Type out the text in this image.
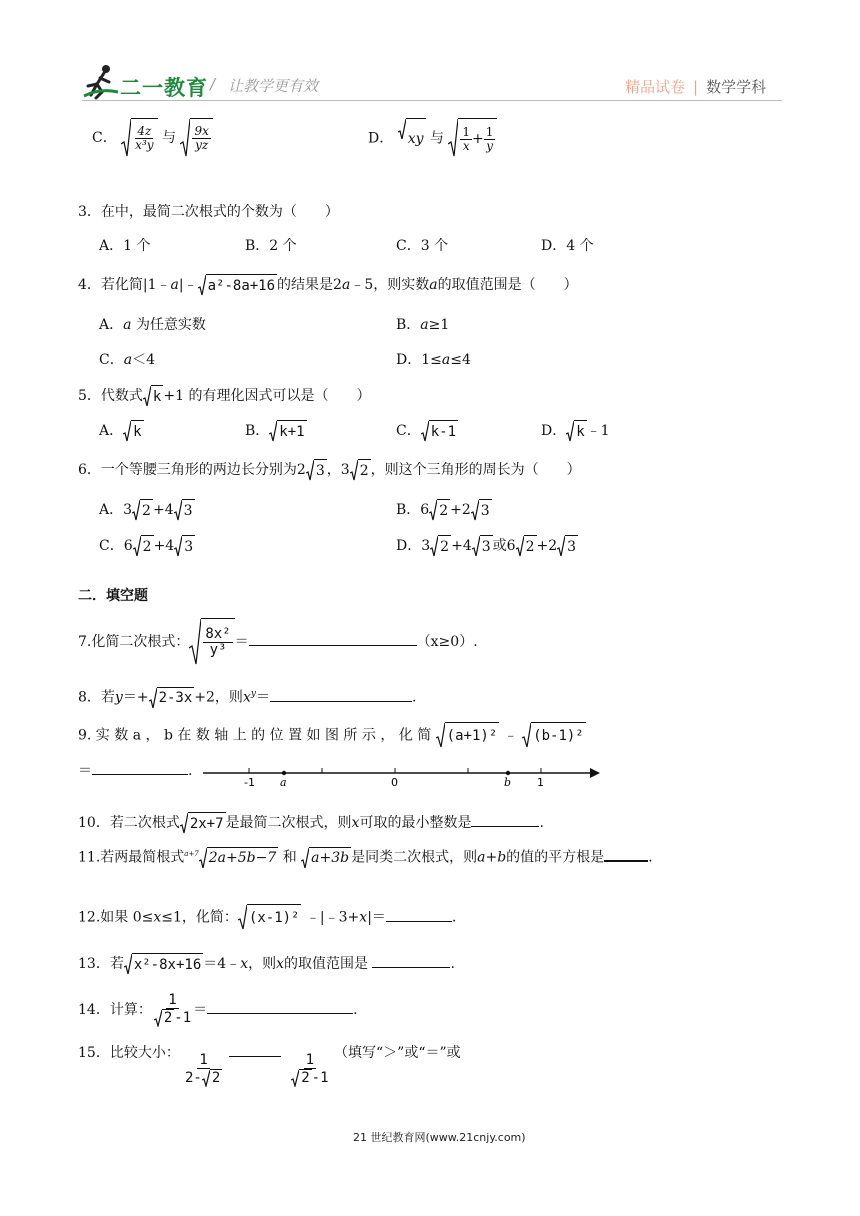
二一教育 / 让教学更有效	精品试卷 | 数学学科
C． $\frac{4z}{\text{x³y}}$ 与 $\frac{9x}{yz}$	D． xy 与 $\frac{1}{x} + \frac{1}{y}$
3．在中，最简二次根式的个数为（　　）
A．1 个	B．2 个	C．3 个	D．4 个
4．若化简|1﹣a|﹣ a²-8a+16 的结果是2a﹣5，则实数a的取值范围是（　　）
A．a 为任意实数	B．a≥1
C．a＜4	D．1≤a≤4
5．代数式 k +1 的有理化因式可以是（　　）
A． k	B． k+1	C． k-1	D． k ﹣1
6．一个等腰三角形的两边长分别为2 3 ，3 2 ，则这个三角形的周长为（　　）
A．3 2 +4 3	B．6 2 +2 3
C．6 2 +4 3	D．3 2 +4 3 或6 2 +2 3
二．填空题
7.化简二次根式： $\frac{\text{8x²}}{\text{y³}}$ ＝	（x≥0）.
8．若y＝+ 2-3x +2，则$x^y=$	.
9. 实 数 a ， b 在 数 轴 上 的 位 置 如 图 所 示 ， 化 简 (a+1)² ﹣ (b-1)²
＝	.
-1 a	0	b 1
10．若二次根式 2x+7 是最简二次根式，则x可取的最小整数是	.
11.若两最简根式$^{a+7}$ 2a+5b−7 和 a+3b 是同类二次根式，则a+b的值的平方根是	.
12.如果 0≤x≤1，化简： (x-1)² ﹣|﹣3+x|＝	.
13．若 x²-8x+16 ＝4﹣x，则x的取值范围是	.
14．计算： $\frac{1}{2 -1}$ ＝	.
15．比较大小：
$\frac{1}{2- 2}$
	$\frac{1}{2 -1}$
（填写“＞”或“＝”或
21 世纪教育网(www.21cnjy.com)
